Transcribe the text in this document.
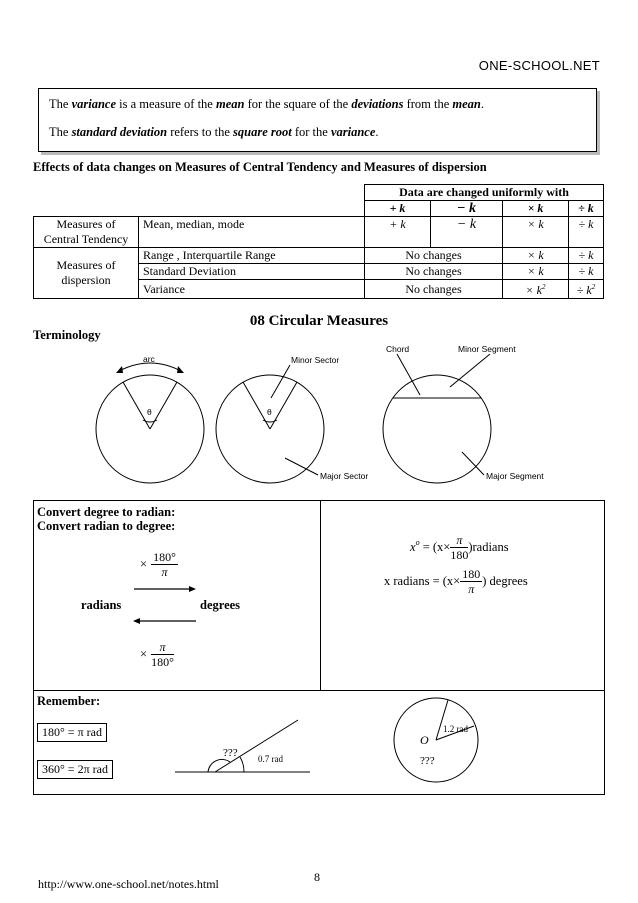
ONE-SCHOOL.NET

The variance is a measure of the mean for the square of the deviations from the mean.

The standard deviation refers to the square root for the variance.

Effects of data changes on Measures of Central Tendency and Measures of dispersion
		Data are changed uniformly with			
		+ k	− k	× k	÷ k
Measures of Central Tendency	Mean, median, mode	+ k	− k	× k	÷ k
Measures of dispersion	Range , Interquartile Range	No changes		× k	÷ k
	Standard Deviation	No changes		× k	÷ k
	Variance	No changes		× $k^2$	÷ $k^2$
08 Circular Measures
Terminology
arc
θ	θ
Minor Sector
Major Sector
Chord	Minor Segment
Major Segment
Convert degree to radian:
Convert radian to degree:
× $\frac{180^\circ}{\pi}$
radians	degrees
× $\frac{\pi}{180^\circ}$
$x^o = (x\times \frac{\pi}{180}$ )radians
x radians = ($x\times \frac{180}{\pi}$ ) degrees
Remember:
180° = π rad
360° = 2π rad
??? 0.7 rad
O
1.2 rad
???
http://www.one-school.net/notes.html	8
